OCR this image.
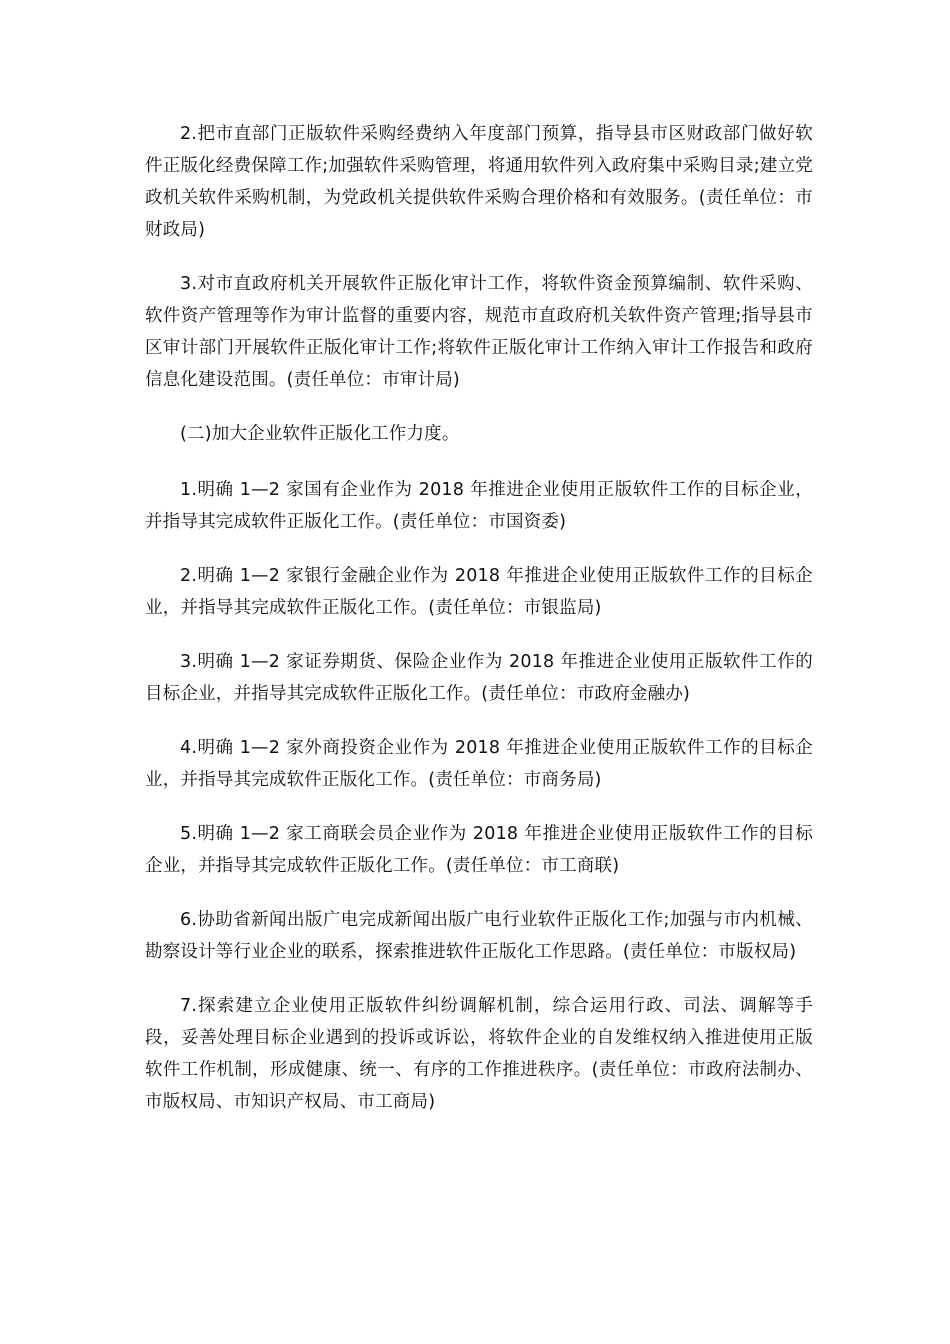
2.把市直部门正版软件采购经费纳入年度部门预算，指导县市区财政部门做好软件正版化经费保障工作;加强软件采购管理，将通用软件列入政府集中采购目录;建立党政机关软件采购机制，为党政机关提供软件采购合理价格和有效服务。(责任单位：市财政局)

3.对市直政府机关开展软件正版化审计工作，将软件资金预算编制、软件采购、软件资产管理等作为审计监督的重要内容，规范市直政府机关软件资产管理;指导县市区审计部门开展软件正版化审计工作;将软件正版化审计工作纳入审计工作报告和政府信息化建设范围。(责任单位：市审计局)

(二)加大企业软件正版化工作力度。

1.明确 1—2 家国有企业作为 2018 年推进企业使用正版软件工作的目标企业，并指导其完成软件正版化工作。(责任单位：市国资委)

2.明确 1—2 家银行金融企业作为 2018 年推进企业使用正版软件工作的目标企业，并指导其完成软件正版化工作。(责任单位：市银监局)

3.明确 1—2 家证券期货、保险企业作为 2018 年推进企业使用正版软件工作的目标企业，并指导其完成软件正版化工作。(责任单位：市政府金融办)

4.明确 1—2 家外商投资企业作为 2018 年推进企业使用正版软件工作的目标企业，并指导其完成软件正版化工作。(责任单位：市商务局)

5.明确 1—2 家工商联会员企业作为 2018 年推进企业使用正版软件工作的目标企业，并指导其完成软件正版化工作。(责任单位：市工商联)

6.协助省新闻出版广电完成新闻出版广电行业软件正版化工作;加强与市内机械、勘察设计等行业企业的联系，探索推进软件正版化工作思路。(责任单位：市版权局)

7.探索建立企业使用正版软件纠纷调解机制，综合运用行政、司法、调解等手段，妥善处理目标企业遇到的投诉或诉讼，将软件企业的自发维权纳入推进使用正版软件工作机制，形成健康、统一、有序的工作推进秩序。(责任单位：市政府法制办、市版权局、市知识产权局、市工商局)
